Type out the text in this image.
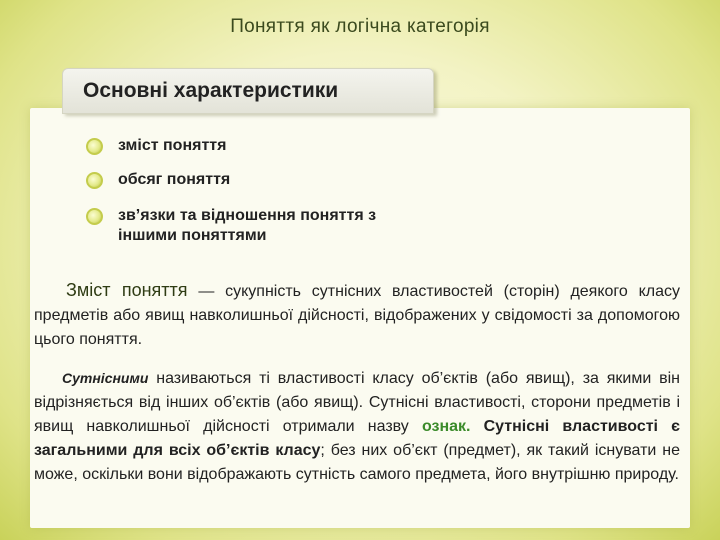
Поняття як логічна категорія
Основні характеристики
зміст поняття
обсяг поняття
зв’язки та відношення поняття з
іншими поняттями
Зміст поняття — сукупність сутнісних властивостей (сторін) деякого класу предметів або явищ навколишньої дійсності, відображених у свідомості за допомогою цього поняття.
Сутнісними називаються ті властивості класу об’єктів (або явищ), за якими він відрізняється від інших об’єктів (або явищ). Сутнісні властивості, сторони предметів і явищ навколишньої дійсності отримали назву ознак. Сутнісні властивості є загальними для всіх об’єктів класу; без них об’єкт (предмет), як такий існувати не може, оскільки вони відображають сутність самого предмета, його внутрішню природу.
